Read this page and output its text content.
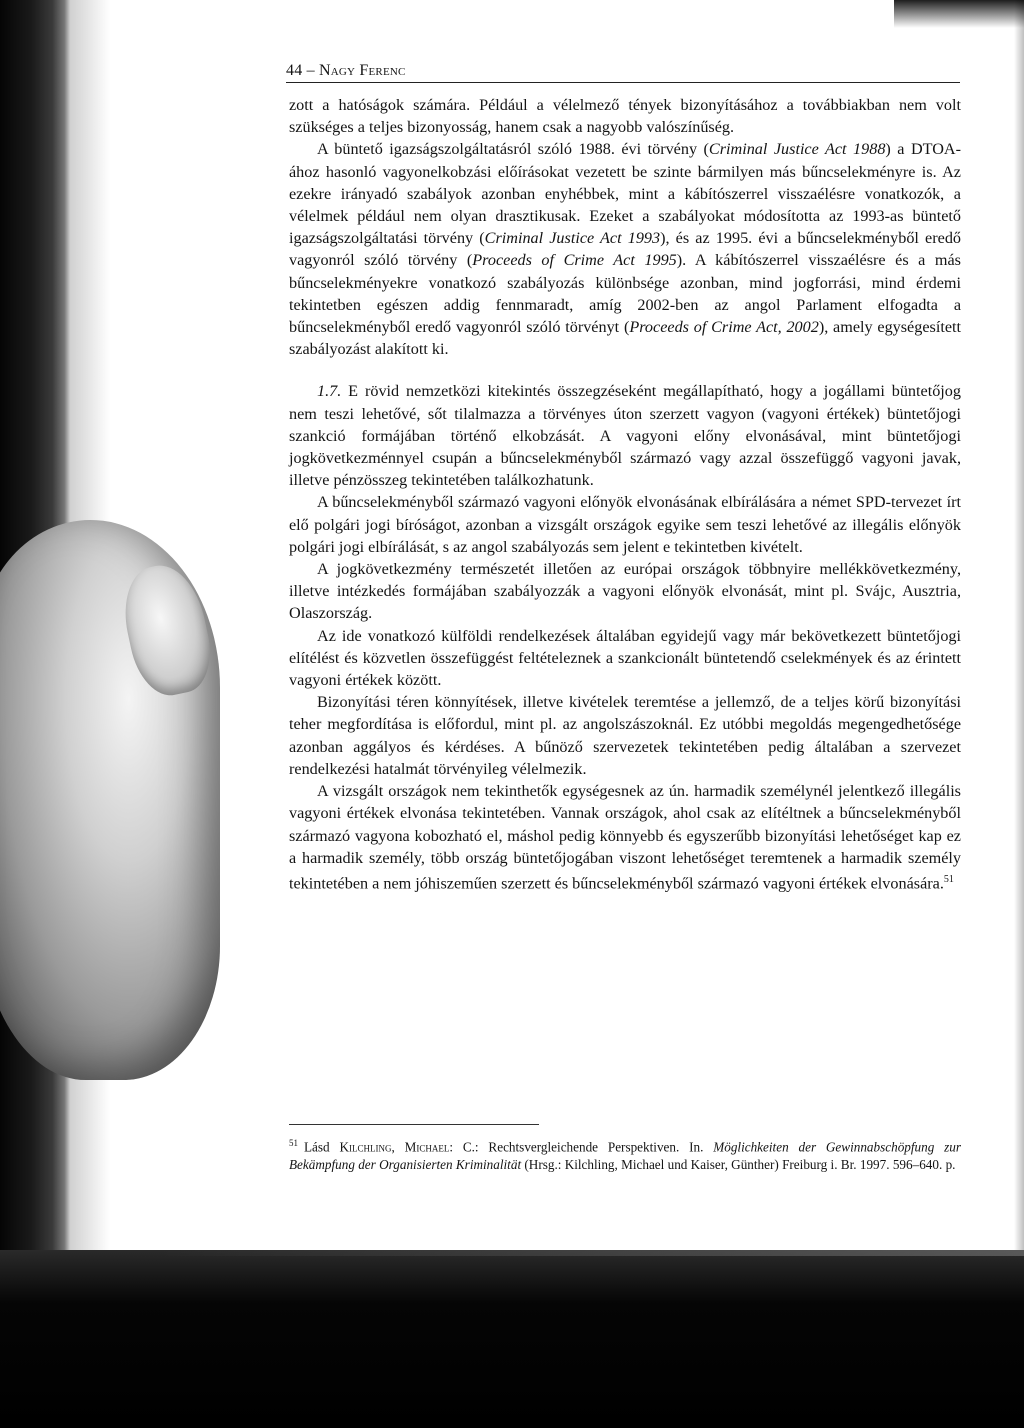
44 – Nagy Ferenc

zott a hatóságok számára. Például a vélelmező tények bizonyításához a továbbiakban nem volt szükséges a teljes bizonyosság, hanem csak a nagyobb valószínűség.

A büntető igazságszolgáltatásról szóló 1988. évi törvény (Criminal Justice Act 1988) a DTOA-ához hasonló vagyonelkobzási előírásokat vezetett be szinte bármilyen más bűncselekményre is. Az ezekre irányadó szabályok azonban enyhébbek, mint a kábítószerrel visszaélésre vonatkozók, a vélelmek például nem olyan drasztikusak. Ezeket a szabályokat módosította az 1993-as büntető igazságszolgáltatási törvény (Criminal Justice Act 1993), és az 1995. évi a bűncselekményből eredő vagyonról szóló törvény (Proceeds of Crime Act 1995). A kábítószerrel visszaélésre és a más bűncselekményekre vonatkozó szabályozás különbsége azonban, mind jogforrási, mind érdemi tekintetben egészen addig fennmaradt, amíg 2002-ben az angol Parlament elfogadta a bűncselekményből eredő vagyonról szóló törvényt (Proceeds of Crime Act, 2002), amely egységesített szabályozást alakított ki.

1.7. E rövid nemzetközi kitekintés összegzéseként megállapítható, hogy a jogállami büntetőjog nem teszi lehetővé, sőt tilalmazza a törvényes úton szerzett vagyon (vagyoni értékek) büntetőjogi szankció formájában történő elkobzását. A vagyoni előny elvonásával, mint büntetőjogi jogkövetkezménnyel csupán a bűncselekményből származó vagy azzal összefüggő vagyoni javak, illetve pénzösszeg tekintetében találkozhatunk.

A bűncselekményből származó vagyoni előnyök elvonásának elbírálására a német SPD-tervezet írt elő polgári jogi bíróságot, azonban a vizsgált országok egyike sem teszi lehetővé az illegális előnyök polgári jogi elbírálását, s az angol szabályozás sem jelent e tekintetben kivételt.

A jogkövetkezmény természetét illetően az európai országok többnyire mellékkövetkezmény, illetve intézkedés formájában szabályozzák a vagyoni előnyök elvonását, mint pl. Svájc, Ausztria, Olaszország.

Az ide vonatkozó külföldi rendelkezések általában egyidejű vagy már bekövetkezett büntetőjogi elítélést és közvetlen összefüggést feltételeznek a szankcionált büntetendő cselekmények és az érintett vagyoni értékek között.

Bizonyítási téren könnyítések, illetve kivételek teremtése a jellemző, de a teljes körű bizonyítási teher megfordítása is előfordul, mint pl. az angolszászoknál. Ez utóbbi megoldás megengedhetősége azonban aggályos és kérdéses. A bűnöző szervezetek tekintetében pedig általában a szervezet rendelkezési hatalmát törvényileg vélelmezik.

A vizsgált országok nem tekinthetők egységesnek az ún. harmadik személynél jelentkező illegális vagyoni értékek elvonása tekintetében. Vannak országok, ahol csak az elítéltnek a bűncselekményből származó vagyona kobozható el, máshol pedig könnyebb és egyszerűbb bizonyítási lehetőséget kap ez a harmadik személy, több ország büntetőjogában viszont lehetőséget teremtenek a harmadik személy tekintetében a nem jóhiszeműen szerzett és bűncselekményből származó vagyoni értékek elvonására.$^{51}$

$^{51}$ Lásd Kilchling, Michael: C.: Rechtsvergleichende Perspektiven. In. Möglichkeiten der Gewinnabschöpfung zur Bekämpfung der Organisierten Kriminalität (Hrsg.: Kilchling, Michael und Kaiser, Günther) Freiburg i. Br. 1997. 596–640. p.
